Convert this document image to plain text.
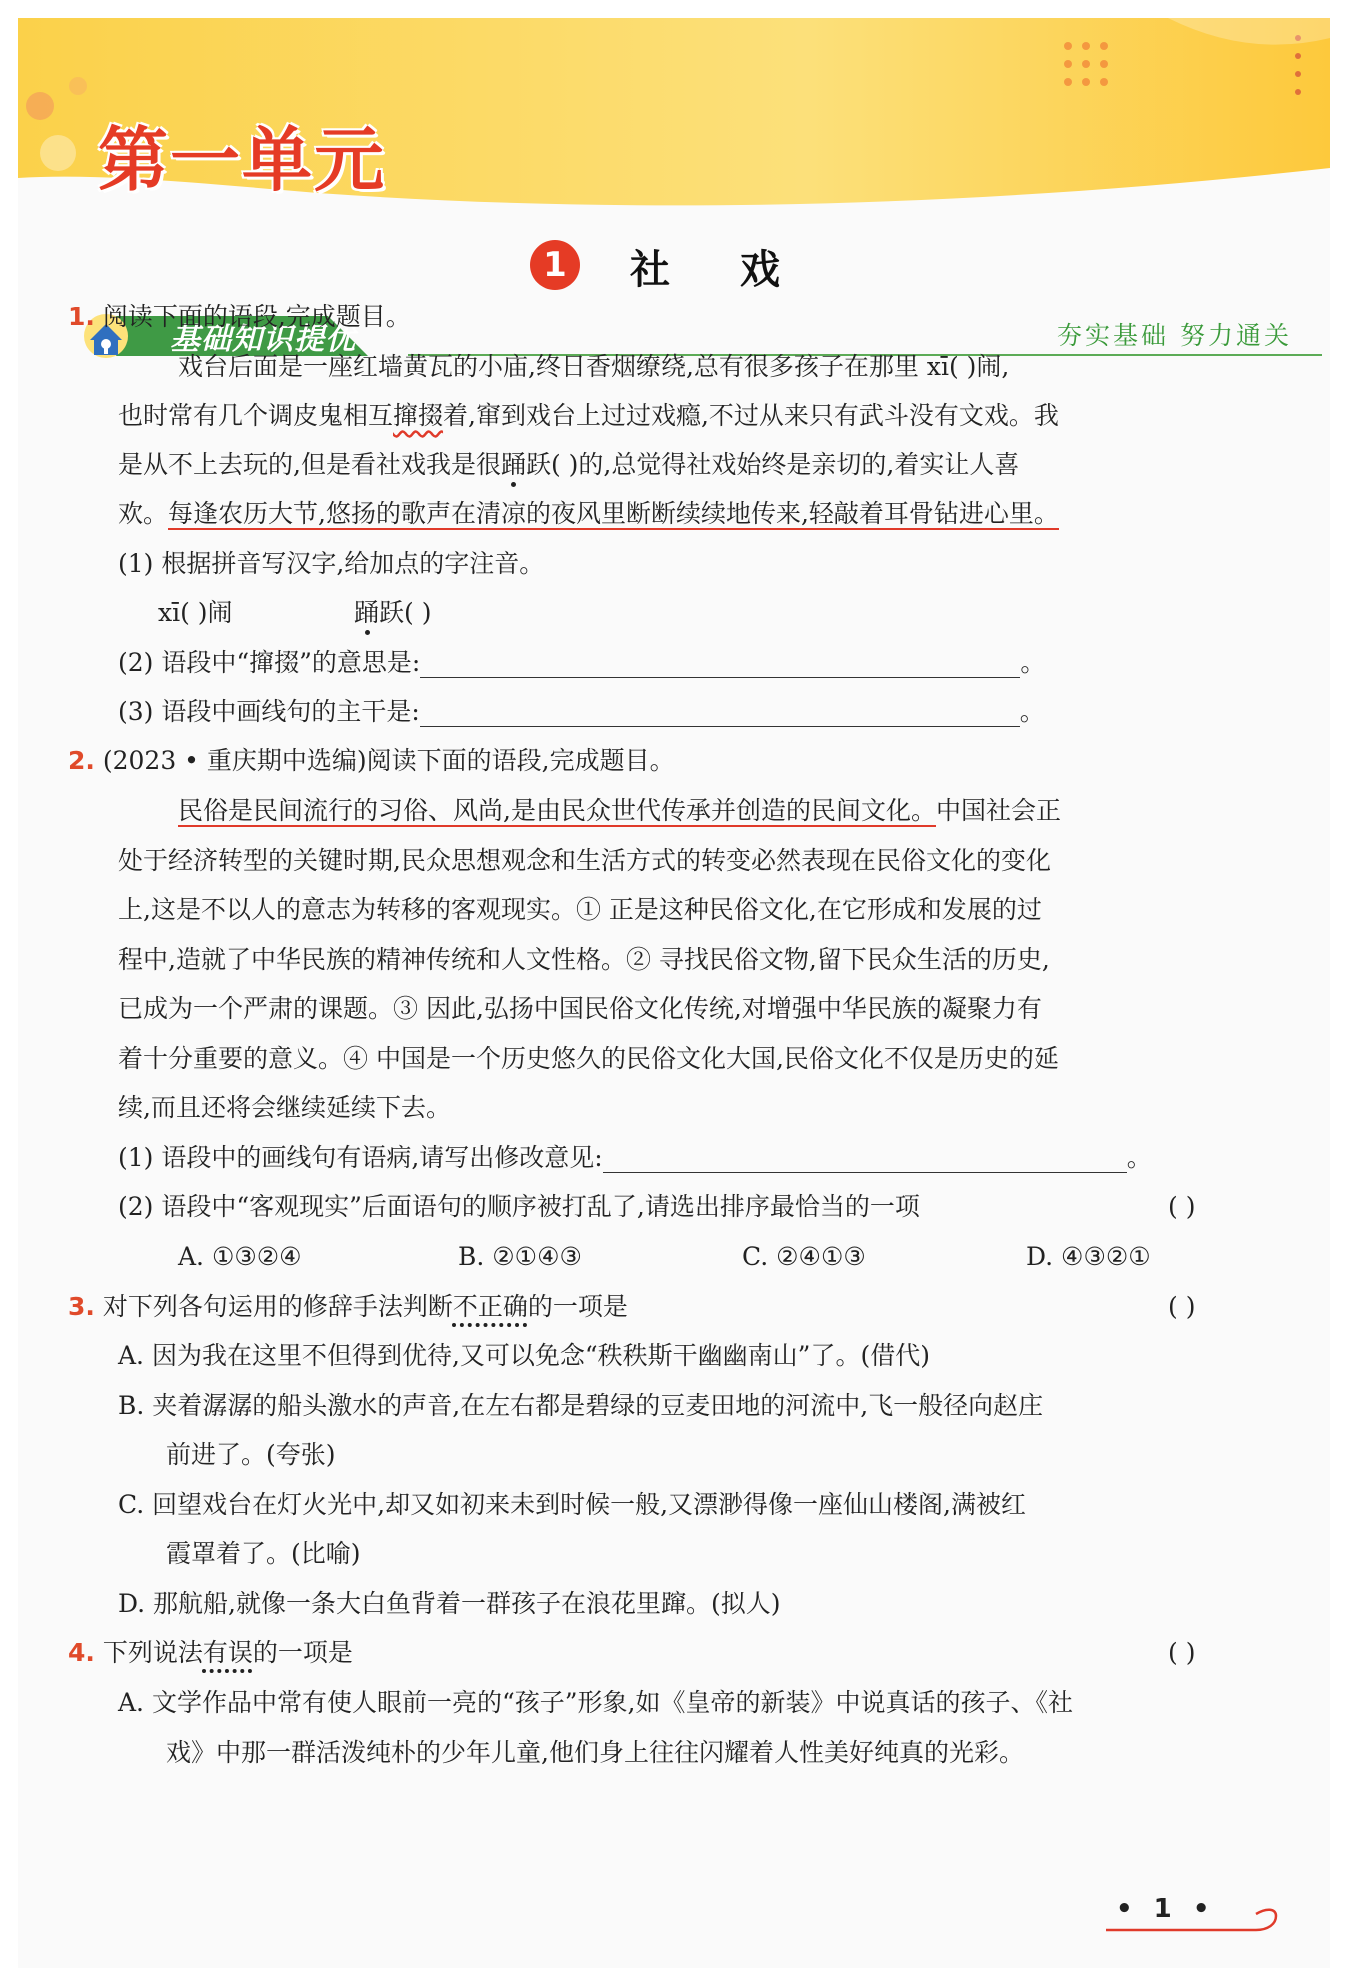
第一单元
1	社戏
基础知识提优	夯实基础 努力通关
1. 阅读下面的语段,完成题目。
戏台后面是一座红墙黄瓦的小庙,终日香烟缭绕,总有很多孩子在那里 xī( )闹,
也时常有几个调皮鬼相互撺掇着,窜到戏台上过过戏瘾,不过从来只有武斗没有文戏。我
是从不上去玩的,但是看社戏我是很踊跃( )的,总觉得社戏始终是亲切的,着实让人喜
欢。每逢农历大节,悠扬的歌声在清凉的夜风里断断续续地传来,轻敲着耳骨钻进心里。
(1) 根据拼音写汉字,给加点的字注音。
xī( )闹	踊跃( )
(2) 语段中“撺掇”的意思是:	。
(3) 语段中画线句的主干是:	。
2. (2023 • 重庆期中选编)阅读下面的语段,完成题目。
民俗是民间流行的习俗、风尚,是由民众世代传承并创造的民间文化。中国社会正
处于经济转型的关键时期,民众思想观念和生活方式的转变必然表现在民俗文化的变化
上,这是不以人的意志为转移的客观现实。① 正是这种民俗文化,在它形成和发展的过
程中,造就了中华民族的精神传统和人文性格。② 寻找民俗文物,留下民众生活的历史,
已成为一个严肃的课题。③ 因此,弘扬中国民俗文化传统,对增强中华民族的凝聚力有
着十分重要的意义。④ 中国是一个历史悠久的民俗文化大国,民俗文化不仅是历史的延
续,而且还将会继续延续下去。
(1) 语段中的画线句有语病,请写出修改意见:	。
(2) 语段中“客观现实”后面语句的顺序被打乱了,请选出排序最恰当的一项	( )
A. ①③②④	B. ②①④③	C. ②④①③	D. ④③②①
3. 对下列各句运用的修辞手法判断不正确的一项是	( )
A. 因为我在这里不但得到优待,又可以免念“秩秩斯干幽幽南山”了。(借代)
B. 夹着潺潺的船头激水的声音,在左右都是碧绿的豆麦田地的河流中,飞一般径向赵庄
前进了。(夸张)
C. 回望戏台在灯火光中,却又如初来未到时候一般,又漂渺得像一座仙山楼阁,满被红
霞罩着了。(比喻)
D. 那航船,就像一条大白鱼背着一群孩子在浪花里蹿。(拟人)
4. 下列说法有误的一项是	( )
A. 文学作品中常有使人眼前一亮的“孩子”形象,如《皇帝的新装》中说真话的孩子、《社
戏》中那一群活泼纯朴的少年儿童,他们身上往往闪耀着人性美好纯真的光彩。
• 1 •
